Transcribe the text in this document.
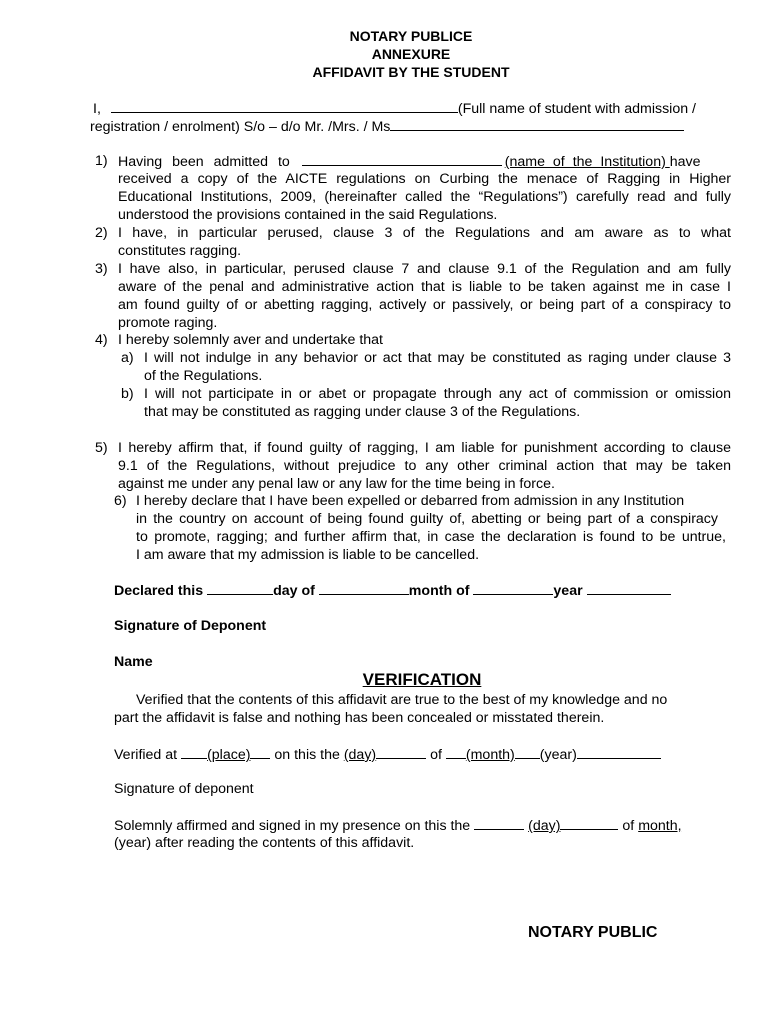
NOTARY PUBLICE
ANNEXURE
AFFIDAVIT BY THE STUDENT
I,	(Full name of student with admission /
registration / enrolment) S/o – d/o Mr. /Mrs. / Ms
1) Having been admitted to	(name of the Institution) have
received a copy of the AICTE regulations on Curbing the menace of Ragging in Higher
Educational Institutions, 2009, (hereinafter called the “Regulations”) carefully read and fully
understood the provisions contained in the said Regulations.
2) I have, in particular perused, clause 3 of the Regulations and am aware as to what
constitutes ragging.
3) I have also, in particular, perused clause 7 and clause 9.1 of the Regulation and am fully
aware of the penal and administrative action that is liable to be taken against me in case I
am found guilty of or abetting ragging, actively or passively, or being part of a conspiracy to
promote raging.
4) I hereby solemnly aver and undertake that
a) I will not indulge in any behavior or act that may be constituted as raging under clause 3
of the Regulations.
b) I will not participate in or abet or propagate through any act of commission or omission
that may be constituted as ragging under clause 3 of the Regulations.
5) I hereby affirm that, if found guilty of ragging, I am liable for punishment according to clause
9.1 of the Regulations, without prejudice to any other criminal action that may be taken
against me under any penal law or any law for the time being in force.
6) I hereby declare that I have been expelled or debarred from admission in any Institution
in the country on account of being found guilty of, abetting or being part of a conspiracy
to promote, ragging; and further affirm that, in case the declaration is found to be untrue,
I am aware that my admission is liable to be cancelled.
Declared this	day of	month of	year
Signature of Deponent
Name
VERIFICATION
Verified that the contents of this affidavit are true to the best of my knowledge and no
part the affidavit is false and nothing has been concealed or misstated therein.
Verified at (place) on this the (day)	of (month) (year)
Signature of deponent
Solemnly affirmed and signed in my presence on this the	(day)	of month,
(year) after reading the contents of this affidavit.
NOTARY PUBLIC
